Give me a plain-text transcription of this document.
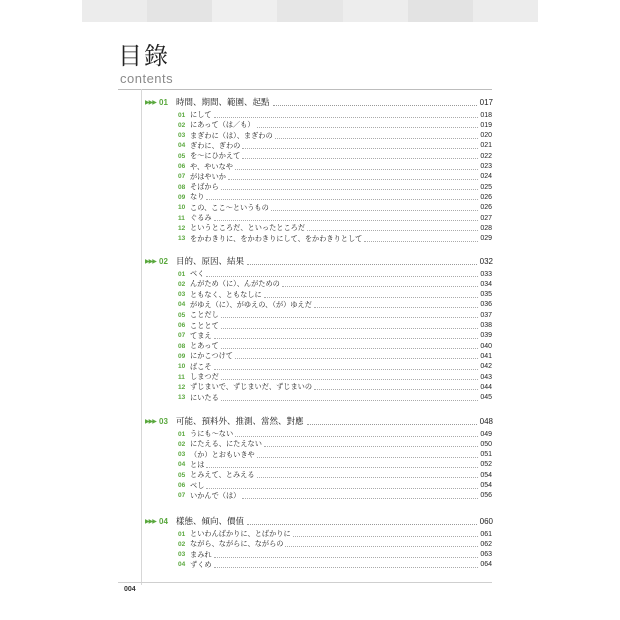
目錄
contents
▶▶▶ 01 時間、期間、範圍、起點	017
01 にして	018
02 にあって（は／も）	019
03 まぎわに（は）、まぎわの	020
04 ぎわに、ぎわの	021
05 を～にひかえて	022
06 や、やいなや	023
07 がはやいか	024
08 そばから	025
09 なり	026
10 この、ここ～というもの	026
11 ぐるみ	027
12 というところだ、といったところだ	028
13 をかわきりに、をかわきりにして、をかわきりとして	029
▶▶▶ 02 目的、原因、結果	032
01 べく	033
02 んがため（に）、んがための	034
03 ともなく、ともなしに	035
04 がゆえ（に）、がゆえの、（が）ゆえだ	036
05 ことだし	037
06 こととて	038
07 てまえ	039
08 とあって	040
09 にかこつけて	041
10 ばこそ	042
11 しまつだ	043
12 ずじまいで、ずじまいだ、ずじまいの	044
13 にいたる	045
▶▶▶ 03 可能、預料外、推測、當然、對應	048
01 うにも～ない	049
02 にたえる、にたえない	050
03 （か）とおもいきや	051
04 とは	052
05 とみえて、とみえる	054
06 べし	054
07 いかんで（は）	056
▶▶▶ 04 樣態、傾向、價值	060
01 といわんばかりに、とばかりに	061
02 ながら、ながらに、ながらの	062
03 まみれ	063
04 ずくめ	064
004
